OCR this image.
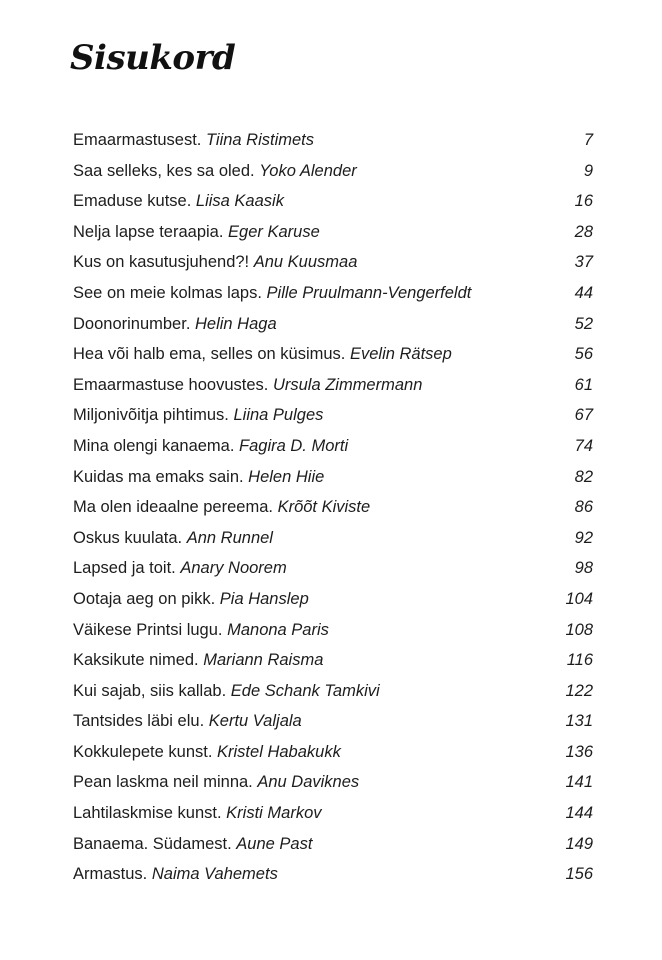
Sisukord
Emaarmastusest. Tiina Ristimets	7
Saa selleks, kes sa oled. Yoko Alender	9
Emaduse kutse. Liisa Kaasik	16
Nelja lapse teraapia. Eger Karuse	28
Kus on kasutusjuhend?! Anu Kuusmaa	37
See on meie kolmas laps. Pille Pruulmann-Vengerfeldt	44
Doonorinumber. Helin Haga	52
Hea või halb ema, selles on küsimus. Evelin Rätsep	56
Emaarmastuse hoovustes. Ursula Zimmermann	61
Miljonivõitja pihtimus. Liina Pulges	67
Mina olengi kanaema. Fagira D. Morti	74
Kuidas ma emaks sain. Helen Hiie	82
Ma olen ideaalne pereema. Krõõt Kiviste	86
Oskus kuulata. Ann Runnel	92
Lapsed ja toit. Anary Noorem	98
Ootaja aeg on pikk. Pia Hanslep	104
Väikese Printsi lugu. Manona Paris	108
Kaksikute nimed. Mariann Raisma	116
Kui sajab, siis kallab. Ede Schank Tamkivi	122
Tantsides läbi elu. Kertu Valjala	131
Kokkulepete kunst. Kristel Habakukk	136
Pean laskma neil minna. Anu Daviknes	141
Lahtilaskmise kunst. Kristi Markov	144
Banaema. Südamest. Aune Past	149
Armastus. Naima Vahemets	156
